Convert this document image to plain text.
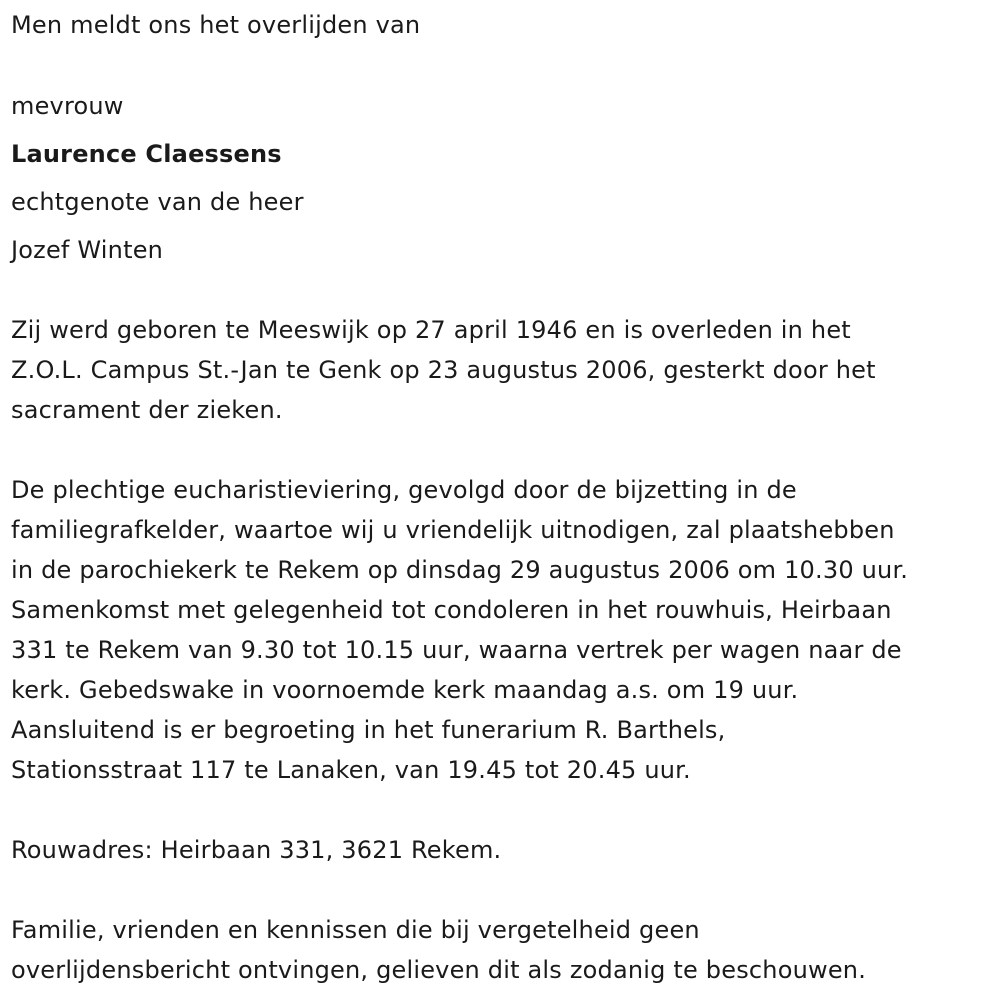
Men meldt ons het overlijden van
mevrouw
Laurence Claessens
echtgenote van de heer
Jozef Winten
Zij werd geboren te Meeswijk op 27 april 1946 en is overleden in het
Z.O.L. Campus St.-Jan te Genk op 23 augustus 2006, gesterkt door het
sacrament der zieken.
De plechtige eucharistieviering, gevolgd door de bijzetting in de
familiegrafkelder, waartoe wij u vriendelijk uitnodigen, zal plaatshebben
in de parochiekerk te Rekem op dinsdag 29 augustus 2006 om 10.30 uur.
Samenkomst met gelegenheid tot condoleren in het rouwhuis, Heirbaan
331 te Rekem van 9.30 tot 10.15 uur, waarna vertrek per wagen naar de
kerk. Gebedswake in voornoemde kerk maandag a.s. om 19 uur.
Aansluitend is er begroeting in het funerarium R. Barthels,
Stationsstraat 117 te Lanaken, van 19.45 tot 20.45 uur.
Rouwadres: Heirbaan 331, 3621 Rekem.
Familie, vrienden en kennissen die bij vergetelheid geen
overlijdensbericht ontvingen, gelieven dit als zodanig te beschouwen.
